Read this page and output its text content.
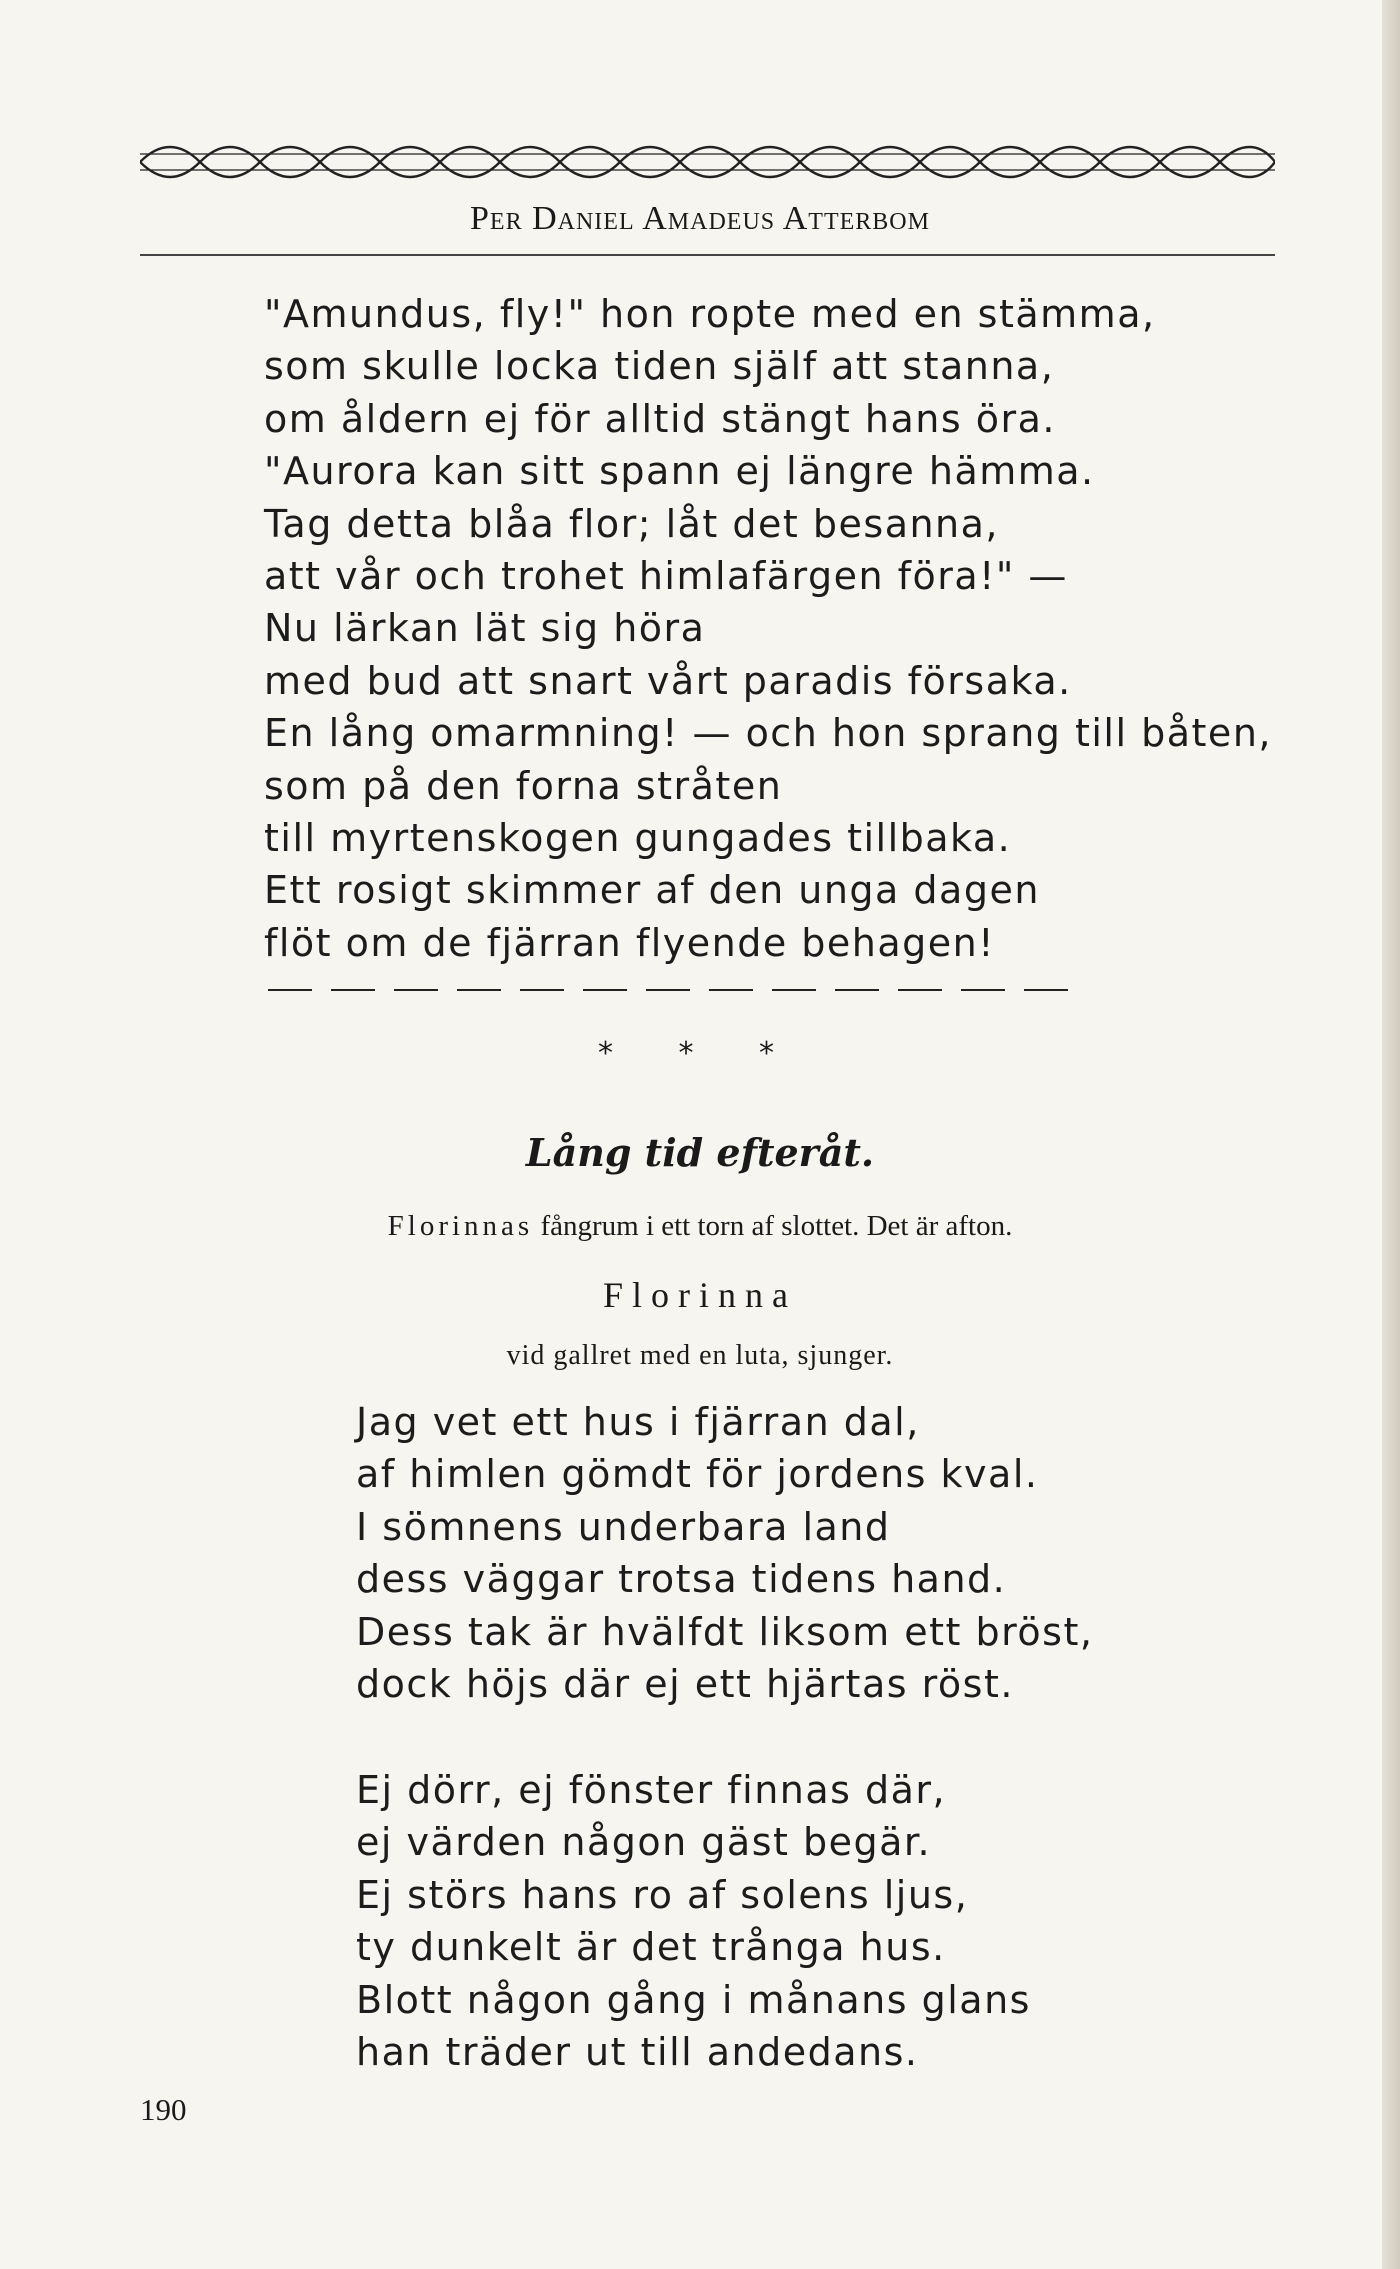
Per Daniel Amadeus Atterbom
"Amundus, fly!" hon ropte med en stämma,
som skulle locka tiden själf att stanna,
om åldern ej för alltid stängt hans öra.
"Aurora kan sitt spann ej längre hämma.
Tag detta blåa flor; låt det besanna,
att vår och trohet himlafärgen föra!" —
Nu lärkan lät sig höra
med bud att snart vårt paradis försaka.
En lång omarmning! — och hon sprang till båten,
som på den forna stråten
till myrtenskogen gungades tillbaka.
Ett rosigt skimmer af den unga dagen
flöt om de fjärran flyende behagen!
* * *
Lång tid efteråt.
Florinnas fångrum i ett torn af slottet. Det är afton.
Florinna
vid gallret med en luta, sjunger.
Jag vet ett hus i fjärran dal,
af himlen gömdt för jordens kval.
I sömnens underbara land
dess väggar trotsa tidens hand.
Dess tak är hvälfdt liksom ett bröst,
dock höjs där ej ett hjärtas röst.
Ej dörr, ej fönster finnas där,
ej värden någon gäst begär.
Ej störs hans ro af solens ljus,
ty dunkelt är det trånga hus.
Blott någon gång i månans glans
han träder ut till andedans.
190
